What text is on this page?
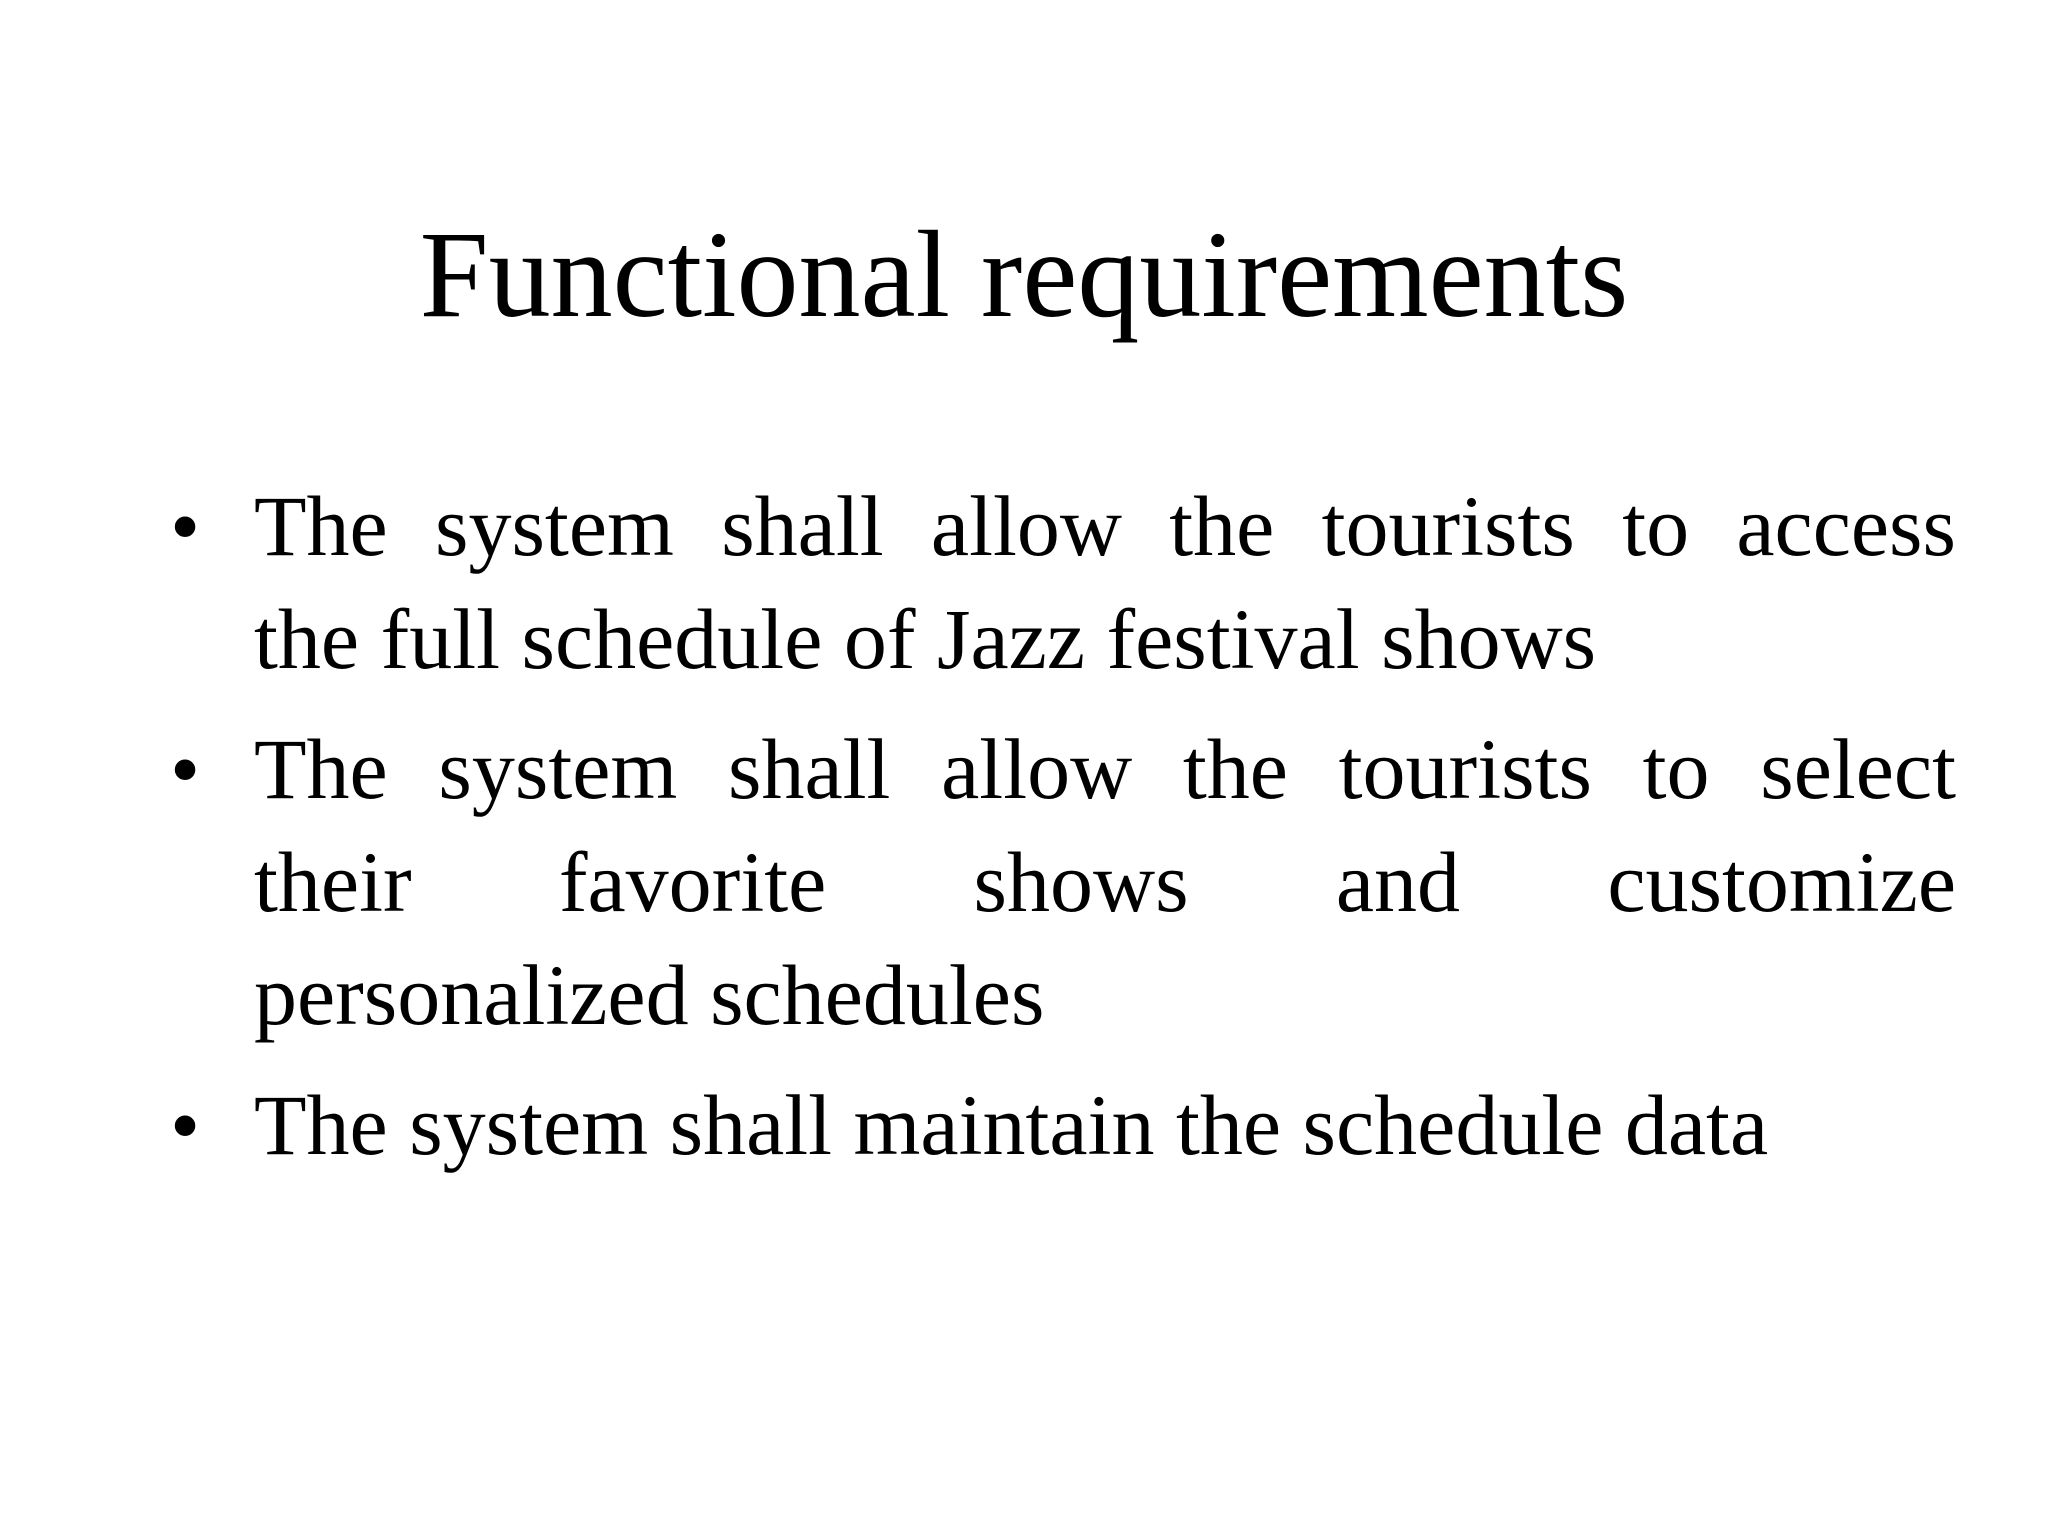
Functional requirements
• The system shall allow the tourists to access
the full schedule of Jazz festival shows
• The system shall allow the tourists to select
their favorite shows and customize
personalized schedules
• The system shall maintain the schedule data
